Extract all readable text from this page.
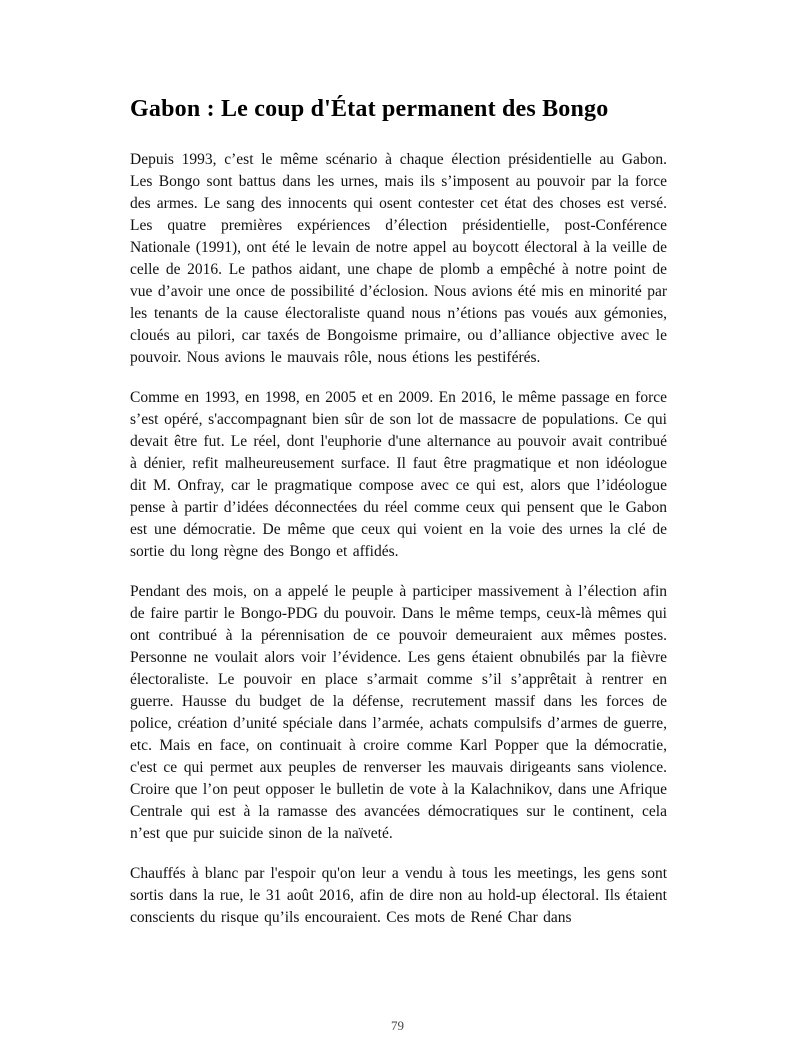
Gabon : Le coup d'État permanent des Bongo

Depuis 1993, c’est le même scénario à chaque élection présidentielle au Gabon. Les Bongo sont battus dans les urnes, mais ils s’imposent au pouvoir par la force des armes. Le sang des innocents qui osent contester cet état des choses est versé. Les quatre premières expériences d’élection présidentielle, post-Conférence Nationale (1991), ont été le levain de notre appel au boycott électoral à la veille de celle de 2016. Le pathos aidant, une chape de plomb a empêché à notre point de vue d’avoir une once de possibilité d’éclosion. Nous avions été mis en minorité par les tenants de la cause électoraliste quand nous n’étions pas voués aux gémonies, cloués au pilori, car taxés de Bongoisme primaire, ou d’alliance objective avec le pouvoir. Nous avions le mauvais rôle, nous étions les pestiférés.

Comme en 1993, en 1998, en 2005 et en 2009. En 2016, le même passage en force s’est opéré, s'accompagnant bien sûr de son lot de massacre de populations. Ce qui devait être fut. Le réel, dont l'euphorie d'une alternance au pouvoir avait contribué à dénier, refit malheureusement surface. Il faut être pragmatique et non idéologue dit M. Onfray, car le pragmatique compose avec ce qui est, alors que l’idéologue pense à partir d’idées déconnectées du réel comme ceux qui pensent que le Gabon est une démocratie. De même que ceux qui voient en la voie des urnes la clé de sortie du long règne des Bongo et affidés.

Pendant des mois, on a appelé le peuple à participer massivement à l’élection afin de faire partir le Bongo-PDG du pouvoir. Dans le même temps, ceux-là mêmes qui ont contribué à la pérennisation de ce pouvoir demeuraient aux mêmes postes. Personne ne voulait alors voir l’évidence. Les gens étaient obnubilés par la fièvre électoraliste. Le pouvoir en place s’armait comme s’il s’apprêtait à rentrer en guerre. Hausse du budget de la défense, recrutement massif dans les forces de police, création d’unité spéciale dans l’armée, achats compulsifs d’armes de guerre, etc. Mais en face, on continuait à croire comme Karl Popper que la démocratie, c'est ce qui permet aux peuples de renverser les mauvais dirigeants sans violence. Croire que l’on peut opposer le bulletin de vote à la Kalachnikov, dans une Afrique Centrale qui est à la ramasse des avancées démocratiques sur le continent, cela n’est que pur suicide sinon de la naïveté.

Chauffés à blanc par l'espoir qu'on leur a vendu à tous les meetings, les gens sont sortis dans la rue, le 31 août 2016, afin de dire non au hold-up électoral. Ils étaient conscients du risque qu’ils encouraient. Ces mots de René Char dans

79
